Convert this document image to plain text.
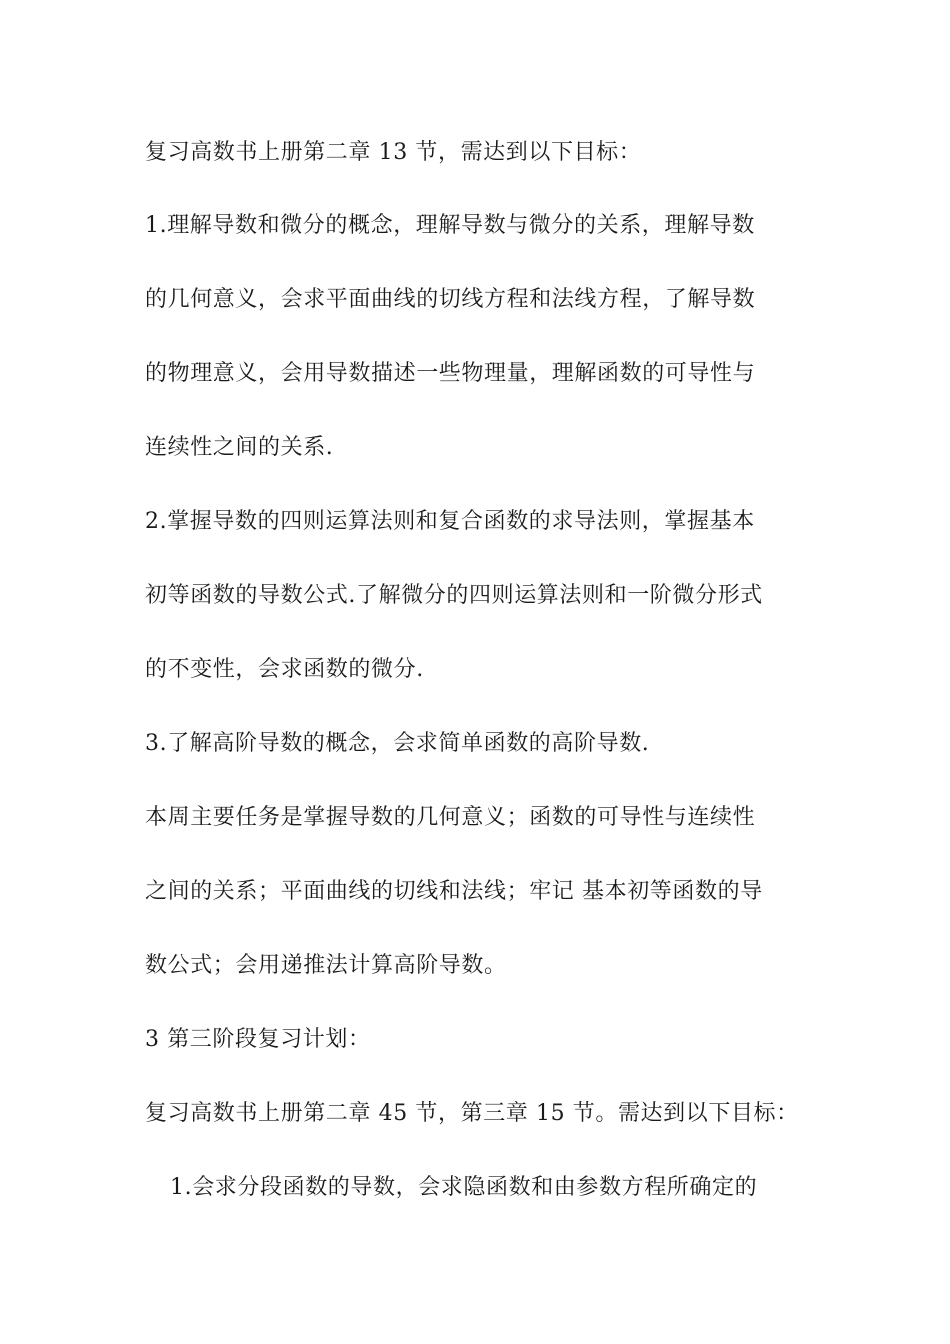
复习高数书上册第二章 13 节，需达到以下目标：
1.理解导数和微分的概念，理解导数与微分的关系，理解导数
的几何意义，会求平面曲线的切线方程和法线方程，了解导数
的物理意义，会用导数描述一些物理量，理解函数的可导性与
连续性之间的关系.
2.掌握导数的四则运算法则和复合函数的求导法则，掌握基本
初等函数的导数公式.了解微分的四则运算法则和一阶微分形式
的不变性，会求函数的微分.
3.了解高阶导数的概念，会求简单函数的高阶导数.
本周主要任务是掌握导数的几何意义；函数的可导性与连续性
之间的关系；平面曲线的切线和法线；牢记 基本初等函数的导
数公式；会用递推法计算高阶导数。
3 第三阶段复习计划：
复习高数书上册第二章 45 节，第三章 15 节。需达到以下目标：
1.会求分段函数的导数，会求隐函数和由参数方程所确定的
